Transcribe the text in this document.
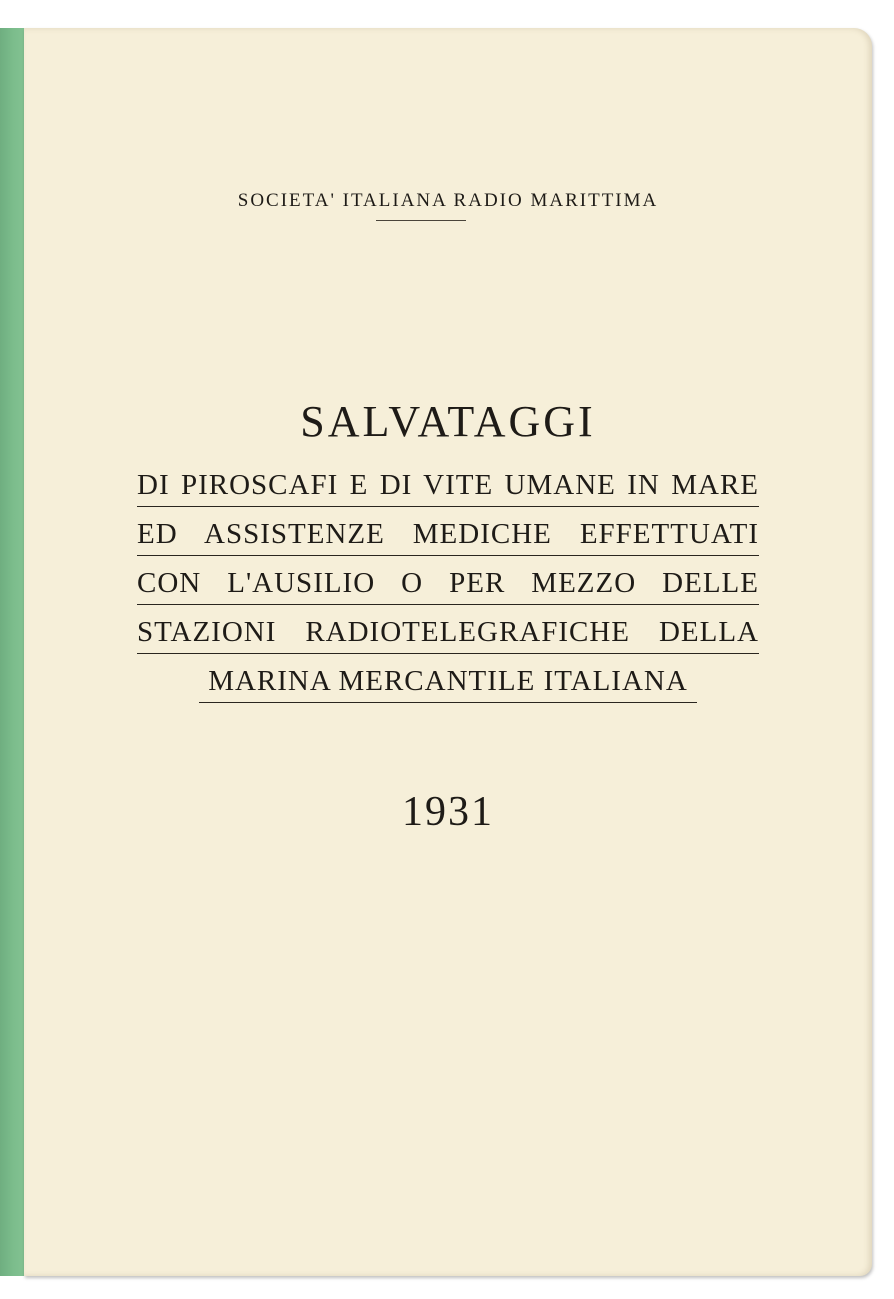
SOCIETA' ITALIANA RADIO MARITTIMA
SALVATAGGI
DI PIROSCAFI E DI VITE UMANE IN MARE
ED ASSISTENZE MEDICHE EFFETTUATI
CON L'AUSILIO O PER MEZZO DELLE
STAZIONI RADIOTELEGRAFICHE DELLA
MARINA MERCANTILE ITALIANA
1931
